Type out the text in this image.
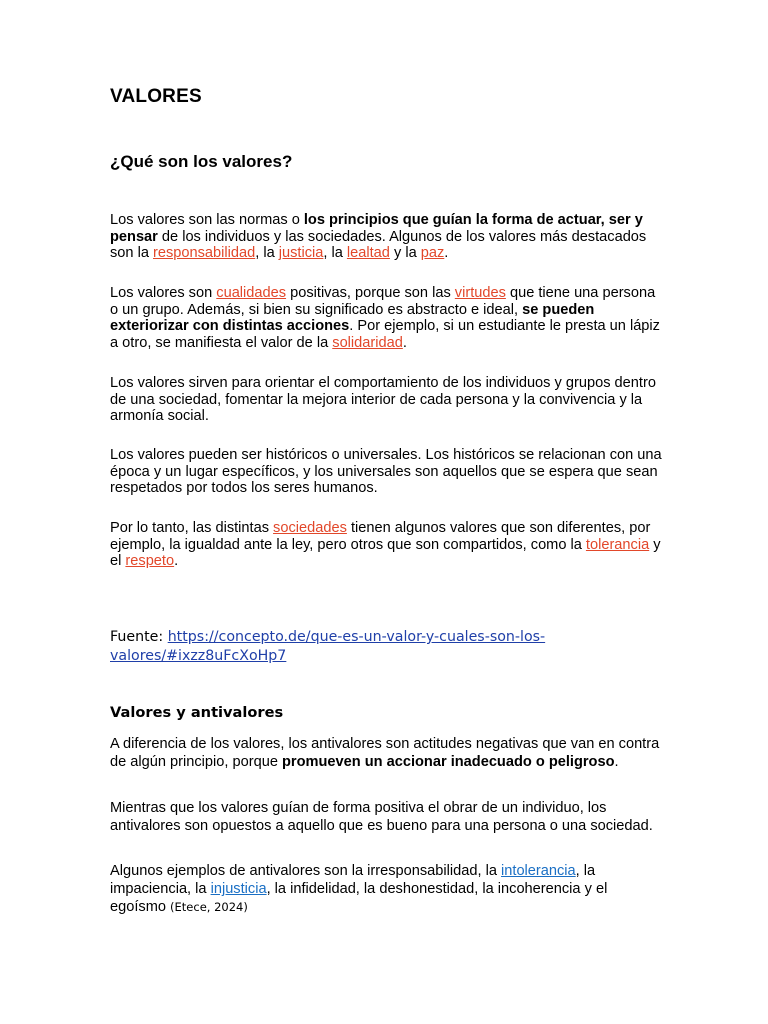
VALORES
¿Qué son los valores?

Los valores son las normas o los principios que guían la forma de actuar, ser y pensar de los individuos y las sociedades. Algunos de los valores más destacados son la responsabilidad, la justicia, la lealtad y la paz.

Los valores son cualidades positivas, porque son las virtudes que tiene una persona o un grupo. Además, si bien su significado es abstracto e ideal, se pueden exteriorizar con distintas acciones. Por ejemplo, si un estudiante le presta un lápiz a otro, se manifiesta el valor de la solidaridad.

Los valores sirven para orientar el comportamiento de los individuos y grupos dentro de una sociedad, fomentar la mejora interior de cada persona y la convivencia y la armonía social.

Los valores pueden ser históricos o universales. Los históricos se relacionan con una época y un lugar específicos, y los universales son aquellos que se espera que sean respetados por todos los seres humanos.

Por lo tanto, las distintas sociedades tienen algunos valores que son diferentes, por ejemplo, la igualdad ante la ley, pero otros que son compartidos, como la tolerancia y el respeto.

Fuente: https://concepto.de/que-es-un-valor-y-cuales-son-los-valores/#ixzz8uFcXoHp7
Valores y antivalores

A diferencia de los valores, los antivalores son actitudes negativas que van en contra de algún principio, porque promueven un accionar inadecuado o peligroso.

Mientras que los valores guían de forma positiva el obrar de un individuo, los antivalores son opuestos a aquello que es bueno para una persona o una sociedad.

Algunos ejemplos de antivalores son la irresponsabilidad, la intolerancia, la impaciencia, la injusticia, la infidelidad, la deshonestidad, la incoherencia y el egoísmo (Etece, 2024)
